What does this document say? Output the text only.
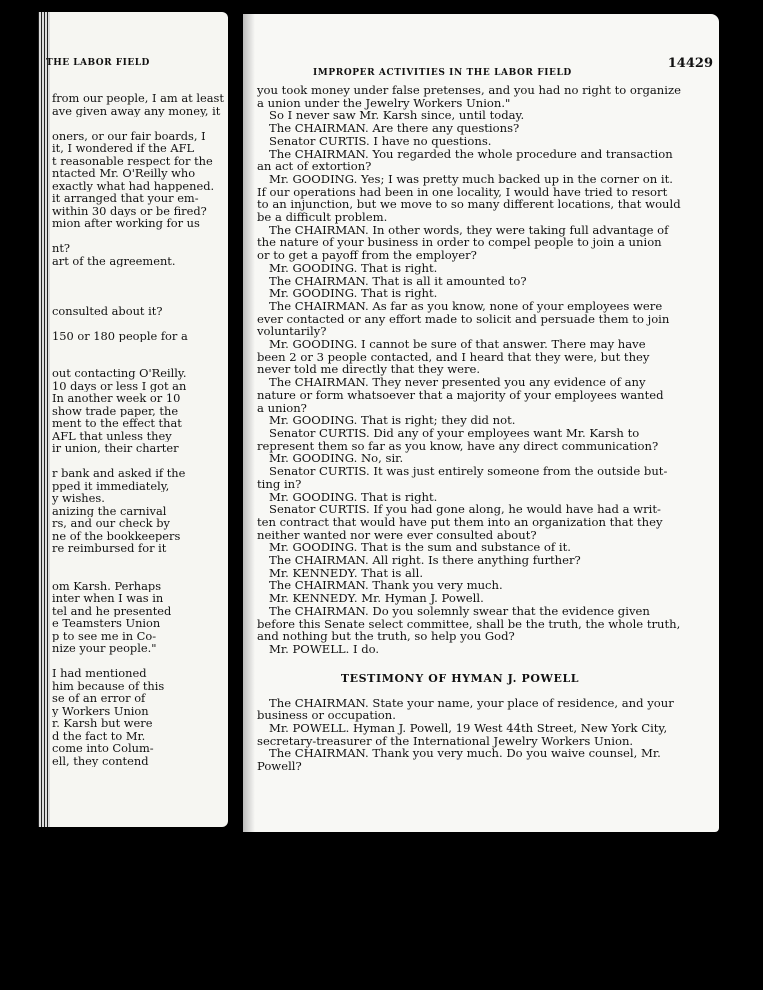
THE LABOR FIELD
from our people, I am at least
ave given away any money, it

oners, or our fair boards, I
it, I wondered if the AFL
t reasonable respect for the
ntacted Mr. O'Reilly who
exactly what had happened.
it arranged that your em-
within 30 days or be fired?
mion after working for us

nt?
art of the agreement.

consulted about it?

150 or 180 people for a

out contacting O'Reilly.
10 days or less I got an
In another week or 10
show trade paper, the
ment to the effect that
AFL that unless they
ir union, their charter

r bank and asked if the
pped it immediately,
y wishes.
anizing the carnival
rs, and our check by
ne of the bookkeepers
re reimbursed for it

om Karsh. Perhaps
inter when I was in
tel and he presented
e Teamsters Union
p to see me in Co-
nize your people."

I had mentioned
him because of this
se of an error of
y Workers Union
r. Karsh but were
d the fact to Mr.
come into Colum-
ell, they contend
IMPROPER ACTIVITIES IN THE LABOR FIELD
14429
you took money under false pretenses, and you had no right to organize
a union under the Jewelry Workers Union."
So I never saw Mr. Karsh since, until today.
The CHAIRMAN. Are there any questions?
Senator CURTIS. I have no questions.
The CHAIRMAN. You regarded the whole procedure and transaction
an act of extortion?
Mr. GOODING. Yes; I was pretty much backed up in the corner on it.
If our operations had been in one locality, I would have tried to resort
to an injunction, but we move to so many different locations, that would
be a difficult problem.
The CHAIRMAN. In other words, they were taking full advantage of
the nature of your business in order to compel people to join a union
or to get a payoff from the employer?
Mr. GOODING. That is right.
The CHAIRMAN. That is all it amounted to?
Mr. GOODING. That is right.
The CHAIRMAN. As far as you know, none of your employees were
ever contacted or any effort made to solicit and persuade them to join
voluntarily?
Mr. GOODING. I cannot be sure of that answer. There may have
been 2 or 3 people contacted, and I heard that they were, but they
never told me directly that they were.
The CHAIRMAN. They never presented you any evidence of any
nature or form whatsoever that a majority of your employees wanted
a union?
Mr. GOODING. That is right; they did not.
Senator CURTIS. Did any of your employees want Mr. Karsh to
represent them so far as you know, have any direct communication?
Mr. GOODING. No, sir.
Senator CURTIS. It was just entirely someone from the outside but-
ting in?
Mr. GOODING. That is right.
Senator CURTIS. If you had gone along, he would have had a writ-
ten contract that would have put them into an organization that they
neither wanted nor were ever consulted about?
Mr. GOODING. That is the sum and substance of it.
The CHAIRMAN. All right. Is there anything further?
Mr. KENNEDY. That is all.
The CHAIRMAN. Thank you very much.
Mr. KENNEDY. Mr. Hyman J. Powell.
The CHAIRMAN. Do you solemnly swear that the evidence given
before this Senate select committee, shall be the truth, the whole truth,
and nothing but the truth, so help you God?
Mr. POWELL. I do.
TESTIMONY OF HYMAN J. POWELL
The CHAIRMAN. State your name, your place of residence, and your
business or occupation.
Mr. POWELL. Hyman J. Powell, 19 West 44th Street, New York City,
secretary-treasurer of the International Jewelry Workers Union.
The CHAIRMAN. Thank you very much. Do you waive counsel, Mr.
Powell?
